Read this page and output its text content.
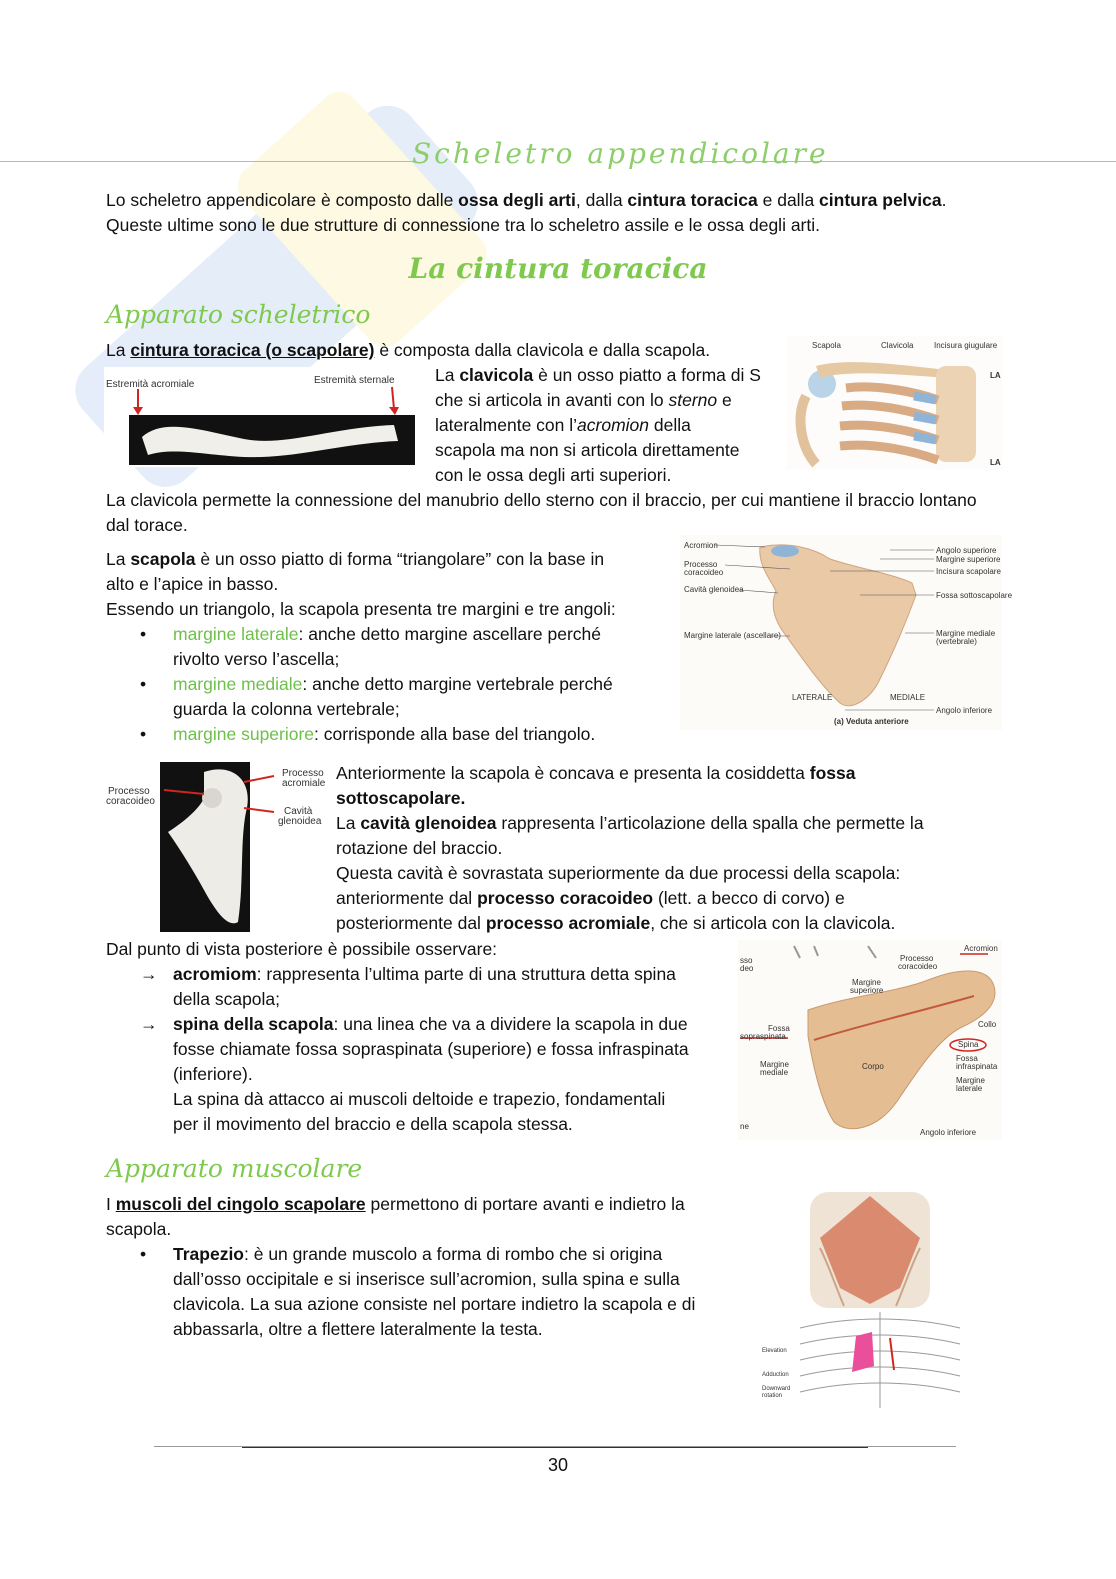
Scheletro appendicolare
Lo scheletro appendicolare è composto dalle ossa degli arti, dalla cintura toracica e dalla cintura pelvica.
Queste ultime sono le due strutture di connessione tra lo scheletro assile e le ossa degli arti.
La cintura toracica
Apparato scheletrico
La cintura toracica (o scapolare) è composta dalla clavicola e dalla scapola.
Estremità acromiale	Estremità sternale La clavicola è un osso piatto a forma di S
che si articola in avanti con lo sterno e
lateralmente con l’acromion della
scapola ma non si articola direttamente
con le ossa degli arti superiori.
Scapola	Clavicola	Incisura giugulare
LA
LA
La clavicola permette la connessione del manubrio dello sterno con il braccio, per cui mantiene il braccio lontano dal torace.
La scapola è un osso piatto di forma “triangolare” con la base in
alto e l’apice in basso.
Essendo un triangolo, la scapola presenta tre margini e tre angoli:
• margine laterale: anche detto margine ascellare perché
rivolto verso l’ascella;
• margine mediale: anche detto margine vertebrale perché
guarda la colonna vertebrale;
• margine superiore: corrisponde alla base del triangolo.
Acromion
Processo
coracoideo
Cavità glenoidea
Margine laterale (ascellare)
Angolo superiore
Margine superiore
Incisura scapolare
Fossa sottoscapolare
Margine mediale
(vertebrale)
Angolo inferiore
LATERALE	MEDIALE
(a) Veduta anteriore
Processo
acromiale
Processo
coracoideo
Cavità
glenoidea
Anteriormente la scapola è concava e presenta la cosiddetta fossa
sottoscapolare.
La cavità glenoidea rappresenta l’articolazione della spalla che permette la
rotazione del braccio.
Questa cavità è sovrastata superiormente da due processi della scapola:
anteriormente dal processo coracoideo (lett. a becco di corvo) e
posteriormente dal processo acromiale, che si articola con la clavicola.
Dal punto di vista posteriore è possibile osservare:
→ acromiom: rappresenta l’ultima parte di una struttura detta spina
della scapola;
→ spina della scapola: una linea che va a dividere la scapola in due
fosse chiamate fossa sopraspinata (superiore) e fossa infraspinata
(inferiore).
La spina dà attacco ai muscoli deltoide e trapezio, fondamentali
per il movimento del braccio e della scapola stessa.
sso
deo
Processo
coracoideo
Acromion
Margine
superiore
Fossa
sopraspinata
Collo
Spina
Fossa
infraspinata
Margine
mediale
Corpo
Margine
laterale
Angolo inferiore
ne
Apparato muscolare
I muscoli del cingolo scapolare permettono di portare avanti e indietro la
scapola.
• Trapezio: è un grande muscolo a forma di rombo che si origina
dall’osso occipitale e si inserisce sull’acromion, sulla spina e sulla
clavicola. La sua azione consiste nel portare indietro la scapola e di
abbassarla, oltre a flettere lateralmente la testa.
Elevation
Adduction
Downward
rotation
30
